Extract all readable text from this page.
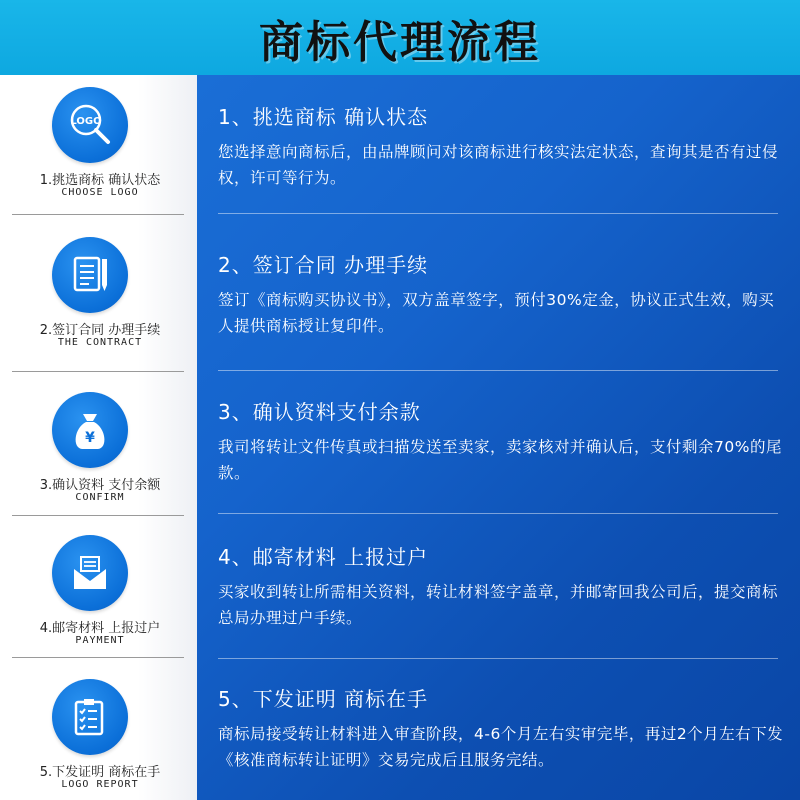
商标代理流程
LOGO
1.挑选商标 确认状态
CHOOSE LOGO
2.签订合同 办理手续
THE CONTRACT
¥
3.确认资料 支付余额
CONFIRM
4.邮寄材料 上报过户
PAYMENT
5.下发证明 商标在手
LOGO REPORT
1、挑选商标 确认状态
您选择意向商标后，由品牌顾问对该商标进行核实法定状态，查询其是否有过侵权，许可等行为。
2、签订合同 办理手续
签订《商标购买协议书》，双方盖章签字，预付30%定金，协议正式生效，购买人提供商标授让复印件。
3、确认资料支付余款
我司将转让文件传真或扫描发送至卖家，卖家核对并确认后，支付剩余70%的尾款。
4、邮寄材料 上报过户
买家收到转让所需相关资料，转让材料签字盖章，并邮寄回我公司后，提交商标总局办理过户手续。
5、下发证明 商标在手
商标局接受转让材料进入审查阶段，4-6个月左右实审完毕，再过2个月左右下发《核准商标转让证明》交易完成后且服务完结。
